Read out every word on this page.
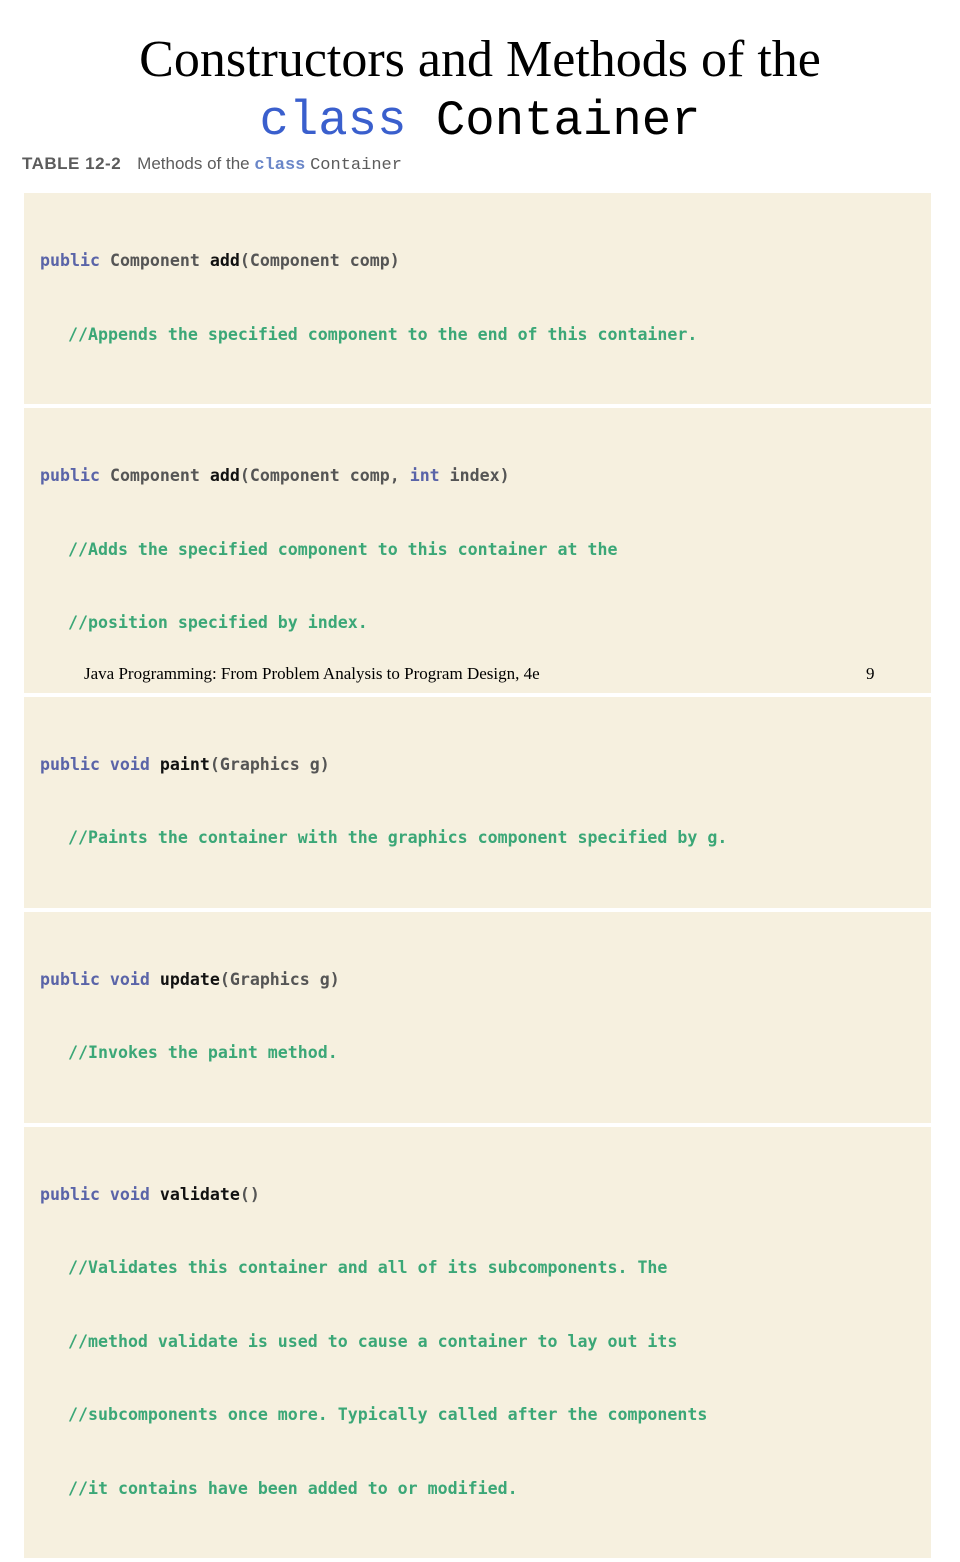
Constructors and Methods of the
class Container
TABLE 12-2 Methods of the class Container

public Component add(Component comp)

//Appends the specified component to the end of this container.

public Component add(Component comp, int index)

//Adds the specified component to this container at the

//position specified by index.

public void paint(Graphics g)

//Paints the container with the graphics component specified by g.

public void update(Graphics g)

//Invokes the paint method.

public void validate()

//Validates this container and all of its subcomponents. The

//method validate is used to cause a container to lay out its

//subcomponents once more. Typically called after the components

//it contains have been added to or modified.

Java Programming: From Problem Analysis to Program Design, 4e	9
